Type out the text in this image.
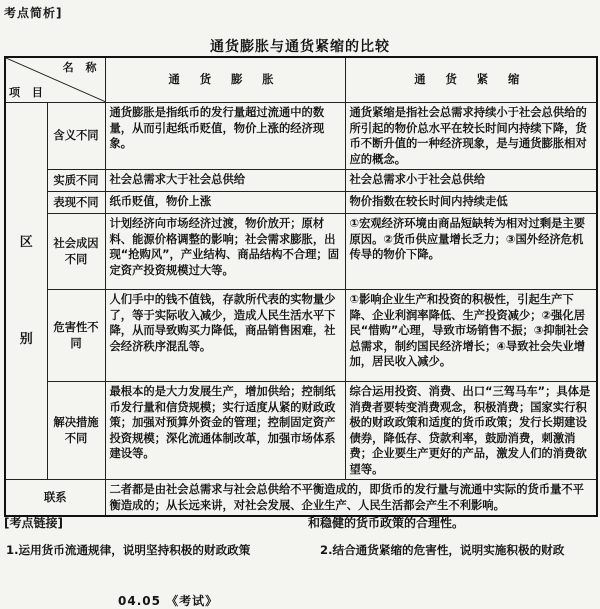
考点简析]
通货膨胀与通货紧缩的比较
名 称
项 目		通 货 膨 胀	通 货 紧 缩

区
别	含义不同	通货膨胀是指纸币的发行量超过流通中的数量，从而引起纸币贬值，物价上涨的经济现象。	通货紧缩是指社会总需求持续小于社会总供给的所引起的物价总水平在较长时间内持续下降，货币不断升值的一种经济现象，是与通货膨胀相对应的概念。
	实质不同	社会总需求大于社会总供给	社会总需求小于社会总供给
	表现不同	纸币贬值，物价上涨	物价指数在较长时间内持续走低
	社会成因不同	计划经济向市场经济过渡，物价放开；原材料、能源价格调整的影响；社会需求膨胀，出现“抢购风”，产业结构、商品结构不合理；固定资产投资规模过大等。	①宏观经济环境由商品短缺转为相对过剩是主要原因。②货币供应量增长乏力；③国外经济危机传导的物价下降。
	危害性不同	人们手中的钱不值钱，存款所代表的实物量少了，等于实际收入减少，造成人民生活水平下降，从而导致购买力降低，商品销售困难，社会经济秩序混乱等。	①影响企业生产和投资的积极性，引起生产下降、企业利润率降低、生产投资减少；②强化居民“惜购”心理，导致市场销售不振；③抑制社会总需求，制约国民经济增长；④导致社会失业增加，居民收入减少。
	解决措施不同	最根本的是大力发展生产，增加供给；控制纸币发行量和信贷规模；实行适度从紧的财政政策；加强对预算外资金的管理；控制固定资产投资规模；深化流通体制改革，加强市场体系建设等。	综合运用投资、消费、出口“三驾马车”；具体是消费者要转变消费观念，积极消费；国家实行积极的财政政策和适度的货币政策；发行长期建设债券，降低存、贷款利率，鼓励消费，刺激消费；企业要生产更好的产品，激发人们的消费欲望等。
联系		二者都是由社会总需求与社会总供给不平衡造成的，即货币的发行量与流通中实际的货币量不平衡造成的；从长远来讲，对社会发展、企业生产、人民生活都会产生不利影响。	
[考点链接]	和稳健的货币政策的合理性。
1.运用货币流通规律，说明坚持积极的财政政策	2.结合通货紧缩的危害性，说明实施积极的财政
04.05 《考试》
